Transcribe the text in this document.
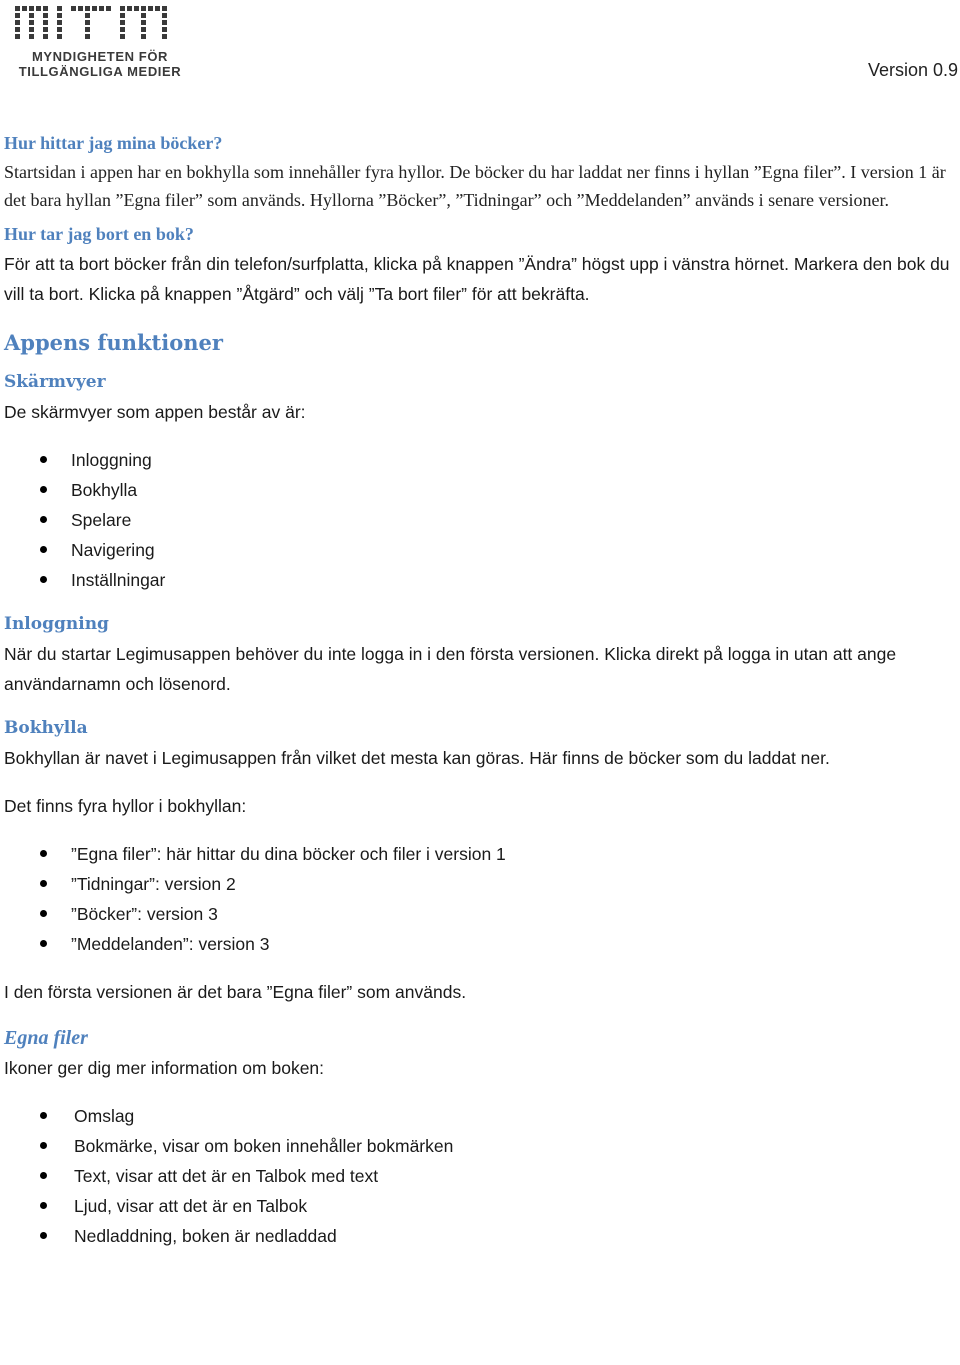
MYNDIGHETEN FÖR
TILLGÄNGLIGA MEDIER	Version 0.9

Hur hittar jag mina böcker?

Startsidan i appen har en bokhylla som innehåller fyra hyllor. De böcker du har laddat ner finns i hyllan ”Egna filer”. I version 1 är det bara hyllan ”Egna filer” som används. Hyllorna ”Böcker”, ”Tidningar” och ”Meddelanden” används i senare versioner.

Hur tar jag bort en bok?

För att ta bort böcker från din telefon/surfplatta, klicka på knappen ”Ändra” högst upp i vänstra hörnet. Markera den bok du vill ta bort. Klicka på knappen ”Åtgärd” och välj ”Ta bort filer” för att bekräfta.

Appens funktioner
Skärmvyer

De skärmvyer som appen består av är:

Inloggning
Bokhylla
Spelare
Navigering
Inställningar
Inloggning

När du startar Legimusappen behöver du inte logga in i den första versionen. Klicka direkt på logga in utan att ange användarnamn och lösenord.

Bokhylla

Bokhyllan är navet i Legimusappen från vilket det mesta kan göras. Här finns de böcker som du laddat ner.

Det finns fyra hyllor i bokhyllan:

”Egna filer”: här hittar du dina böcker och filer i version 1
”Tidningar”: version 2
”Böcker”: version 3
”Meddelanden”: version 3

I den första versionen är det bara ”Egna filer” som används.

Egna filer

Ikoner ger dig mer information om boken:

Omslag
Bokmärke, visar om boken innehåller bokmärken
Text, visar att det är en Talbok med text
Ljud, visar att det är en Talbok
Nedladdning, boken är nedladdad
